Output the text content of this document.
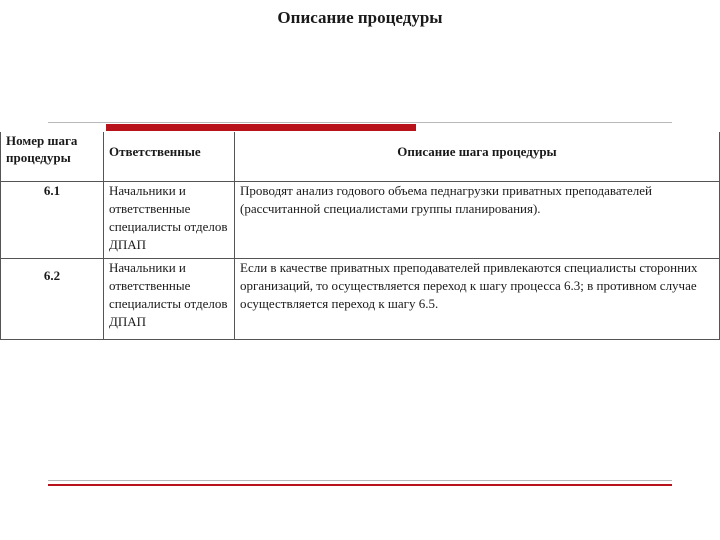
Описание процедуры
Номер шага процедуры	Ответственные	Описание шага процедуры
6.1	Начальники и ответственные специалисты отделов ДПАП	Проводят анализ годового объема педнагрузки приватных преподавателей (рассчитанной специалистами группы планирования).
6.2	Начальники и ответственные специалисты отделов ДПАП	Если в качестве приватных преподавателей привлекаются специалисты сторонних организаций, то осуществляется переход к шагу процесса 6.3; в противном случае осуществляется переход к шагу 6.5.
